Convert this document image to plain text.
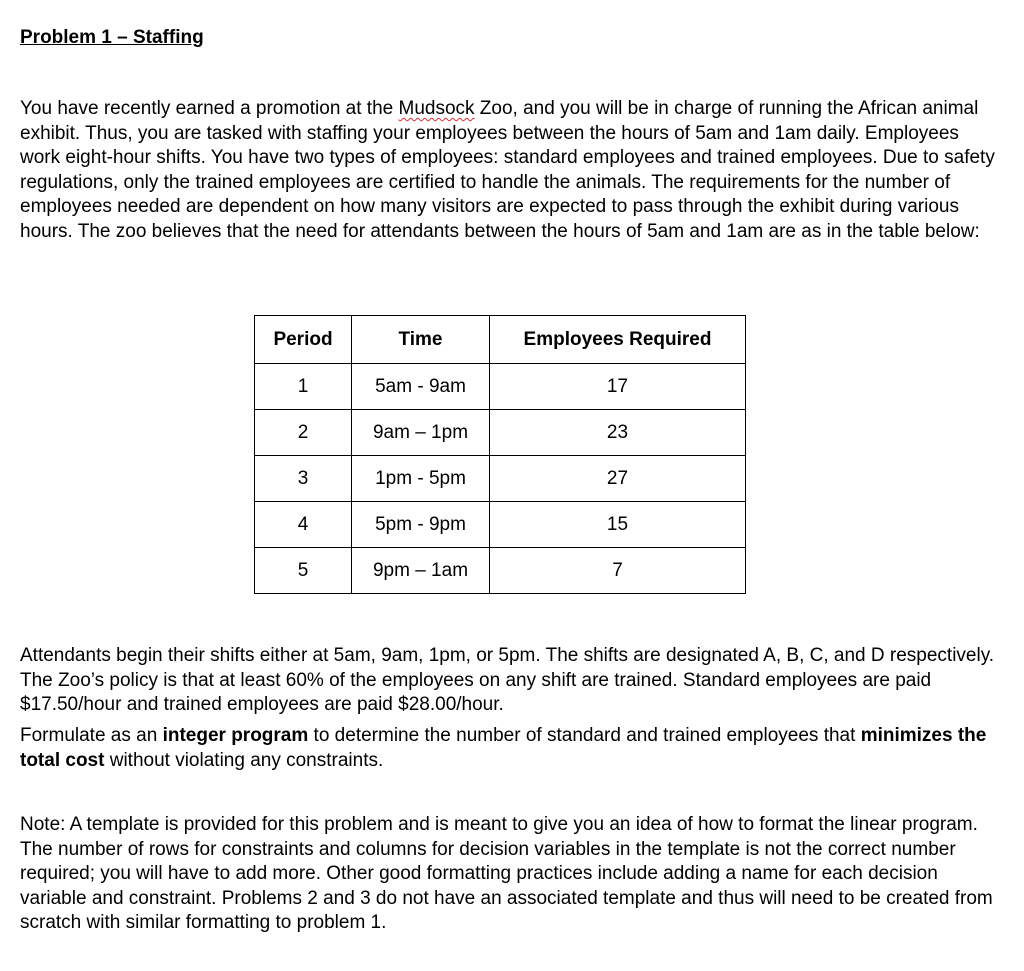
Problem 1 – Staffing

You have recently earned a promotion at the Mudsock Zoo, and you will be in charge of running the African animal exhibit. Thus, you are tasked with staffing your employees between the hours of 5am and 1am daily. Employees work eight-hour shifts. You have two types of employees: standard employees and trained employees. Due to safety regulations, only the trained employees are certified to handle the animals. The requirements for the number of employees needed are dependent on how many visitors are expected to pass through the exhibit during various hours. The zoo believes that the need for attendants between the hours of 5am and 1am are as in the table below:

Period	Time	Employees Required
1	5am - 9am	17
2	9am – 1pm	23
3	1pm - 5pm	27
4	5pm - 9pm	15
5	9pm – 1am	7

Attendants begin their shifts either at 5am, 9am, 1pm, or 5pm. The shifts are designated A, B, C, and D respectively. The Zoo’s policy is that at least 60% of the employees on any shift are trained. Standard employees are paid $17.50/hour and trained employees are paid $28.00/hour.

Formulate as an integer program to determine the number of standard and trained employees that minimizes the total cost without violating any constraints.

Note: A template is provided for this problem and is meant to give you an idea of how to format the linear program. The number of rows for constraints and columns for decision variables in the template is not the correct number required; you will have to add more. Other good formatting practices include adding a name for each decision variable and constraint. Problems 2 and 3 do not have an associated template and thus will need to be created from scratch with similar formatting to problem 1.
